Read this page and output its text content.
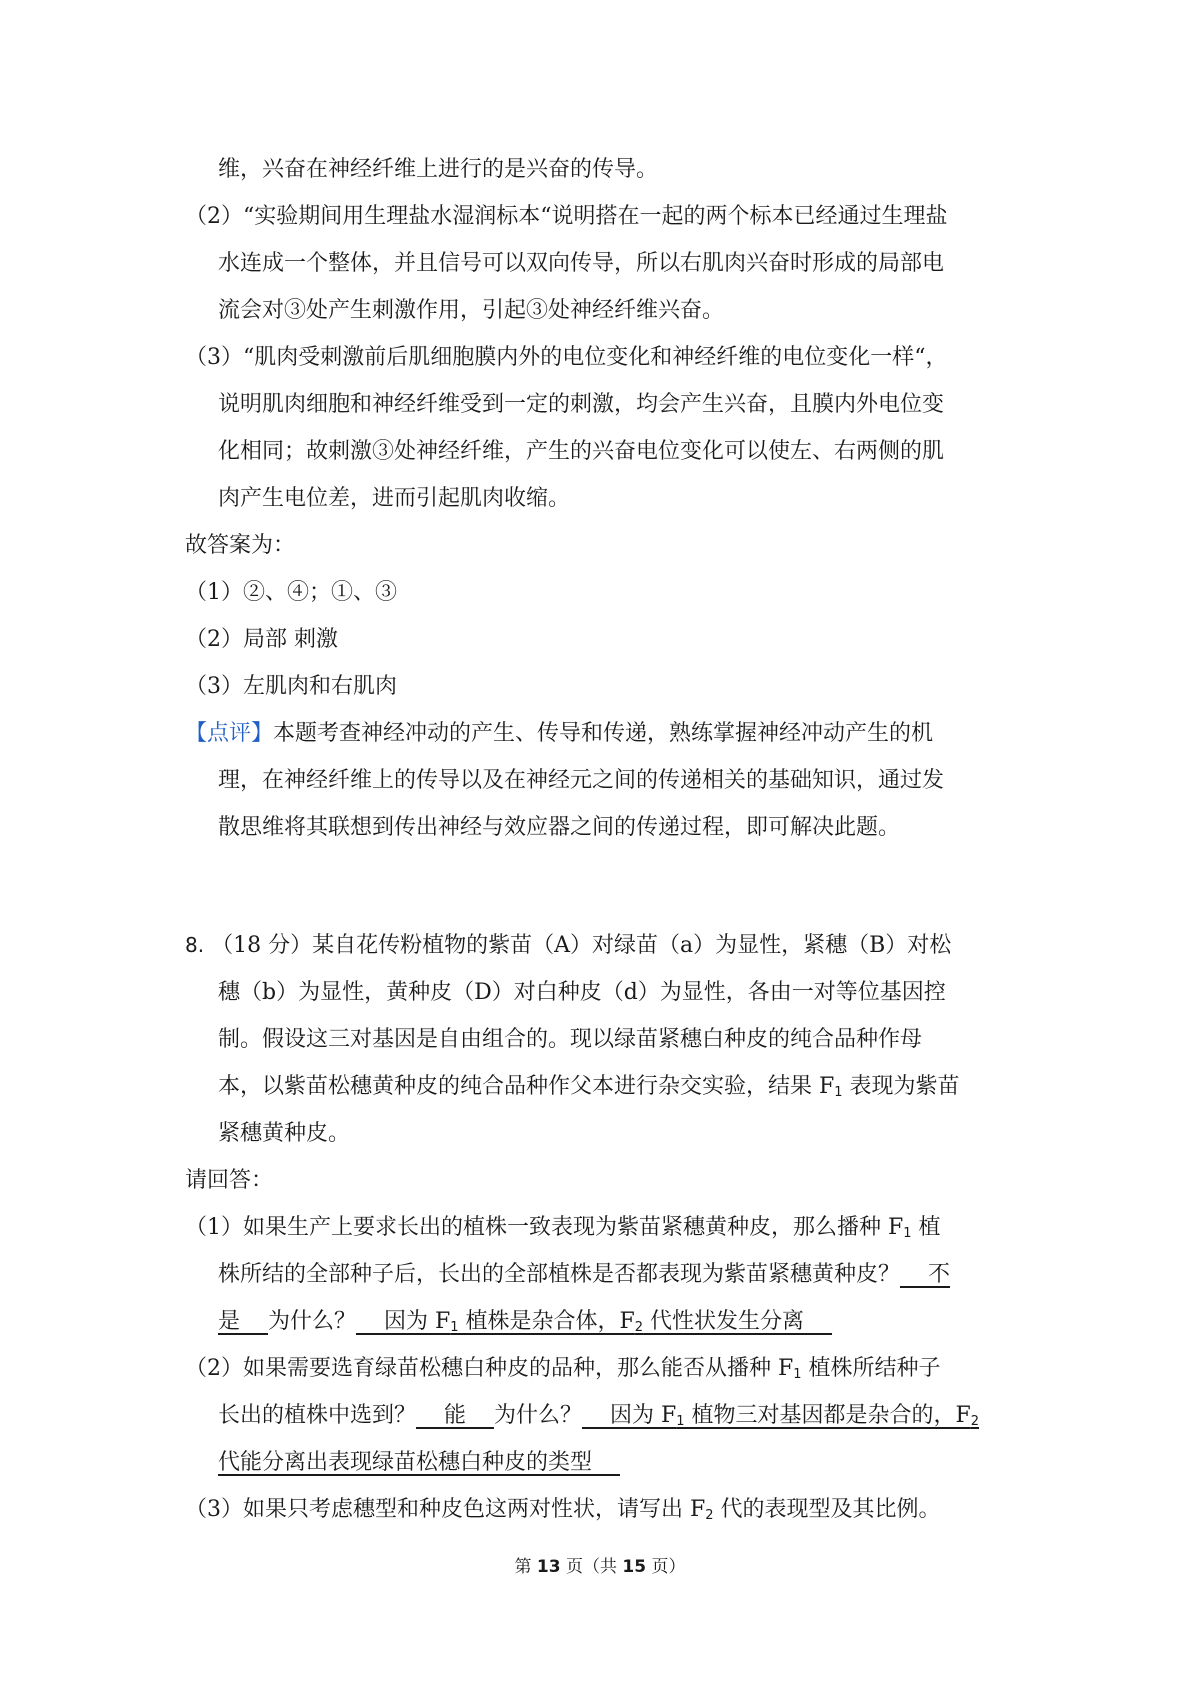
维，兴奋在神经纤维上进行的是兴奋的传导。
（2）“实验期间用生理盐水湿润标本“说明搭在一起的两个标本已经通过生理盐
水连成一个整体，并且信号可以双向传导，所以右肌肉兴奋时形成的局部电
流会对③处产生刺激作用，引起③处神经纤维兴奋。
（3）“肌肉受刺激前后肌细胞膜内外的电位变化和神经纤维的电位变化一样“，
说明肌肉细胞和神经纤维受到一定的刺激，均会产生兴奋，且膜内外电位变
化相同；故刺激③处神经纤维，产生的兴奋电位变化可以使左、右两侧的肌
肉产生电位差，进而引起肌肉收缩。
故答案为：
（1）②、④；①、③
（2）局部 刺激
（3）左肌肉和右肌肉
【点评】本题考查神经冲动的产生、传导和传递，熟练掌握神经冲动产生的机
理，在神经纤维上的传导以及在神经元之间的传递相关的基础知识，通过发
散思维将其联想到传出神经与效应器之间的传递过程，即可解决此题。
8. （18 分）某自花传粉植物的紫苗（A）对绿苗（a）为显性，紧穗（B）对松
穗（b）为显性，黄种皮（D）对白种皮（d）为显性，各由一对等位基因控
制。假设这三对基因是自由组合的。现以绿苗紧穗白种皮的纯合品种作母
本，以紫苗松穗黄种皮的纯合品种作父本进行杂交实验，结果 $F_1$ 表现为紫苗
紧穗黄种皮。
请回答：
（1）如果生产上要求长出的植株一致表现为紫苗紧穗黄种皮，那么播种 $F_1$ 植
株所结的全部种子后，长出的全部植株是否都表现为紫苗紧穗黄种皮？    不
是    为什么？    因为 $F_1$ 植株是杂合体，$F_2$ 代性状发生分离
（2）如果需要选育绿苗松穗白种皮的品种，那么能否从播种 $F_1$ 植株所结种子
长出的植株中选到？    能    为什么？    因为 $F_1$ 植物三对基因都是杂合的，$F_2$
代能分离出表现绿苗松穗白种皮的类型
（3）如果只考虑穗型和种皮色这两对性状，请写出 $F_2$ 代的表现型及其比例。
第 13 页（共 15 页）
